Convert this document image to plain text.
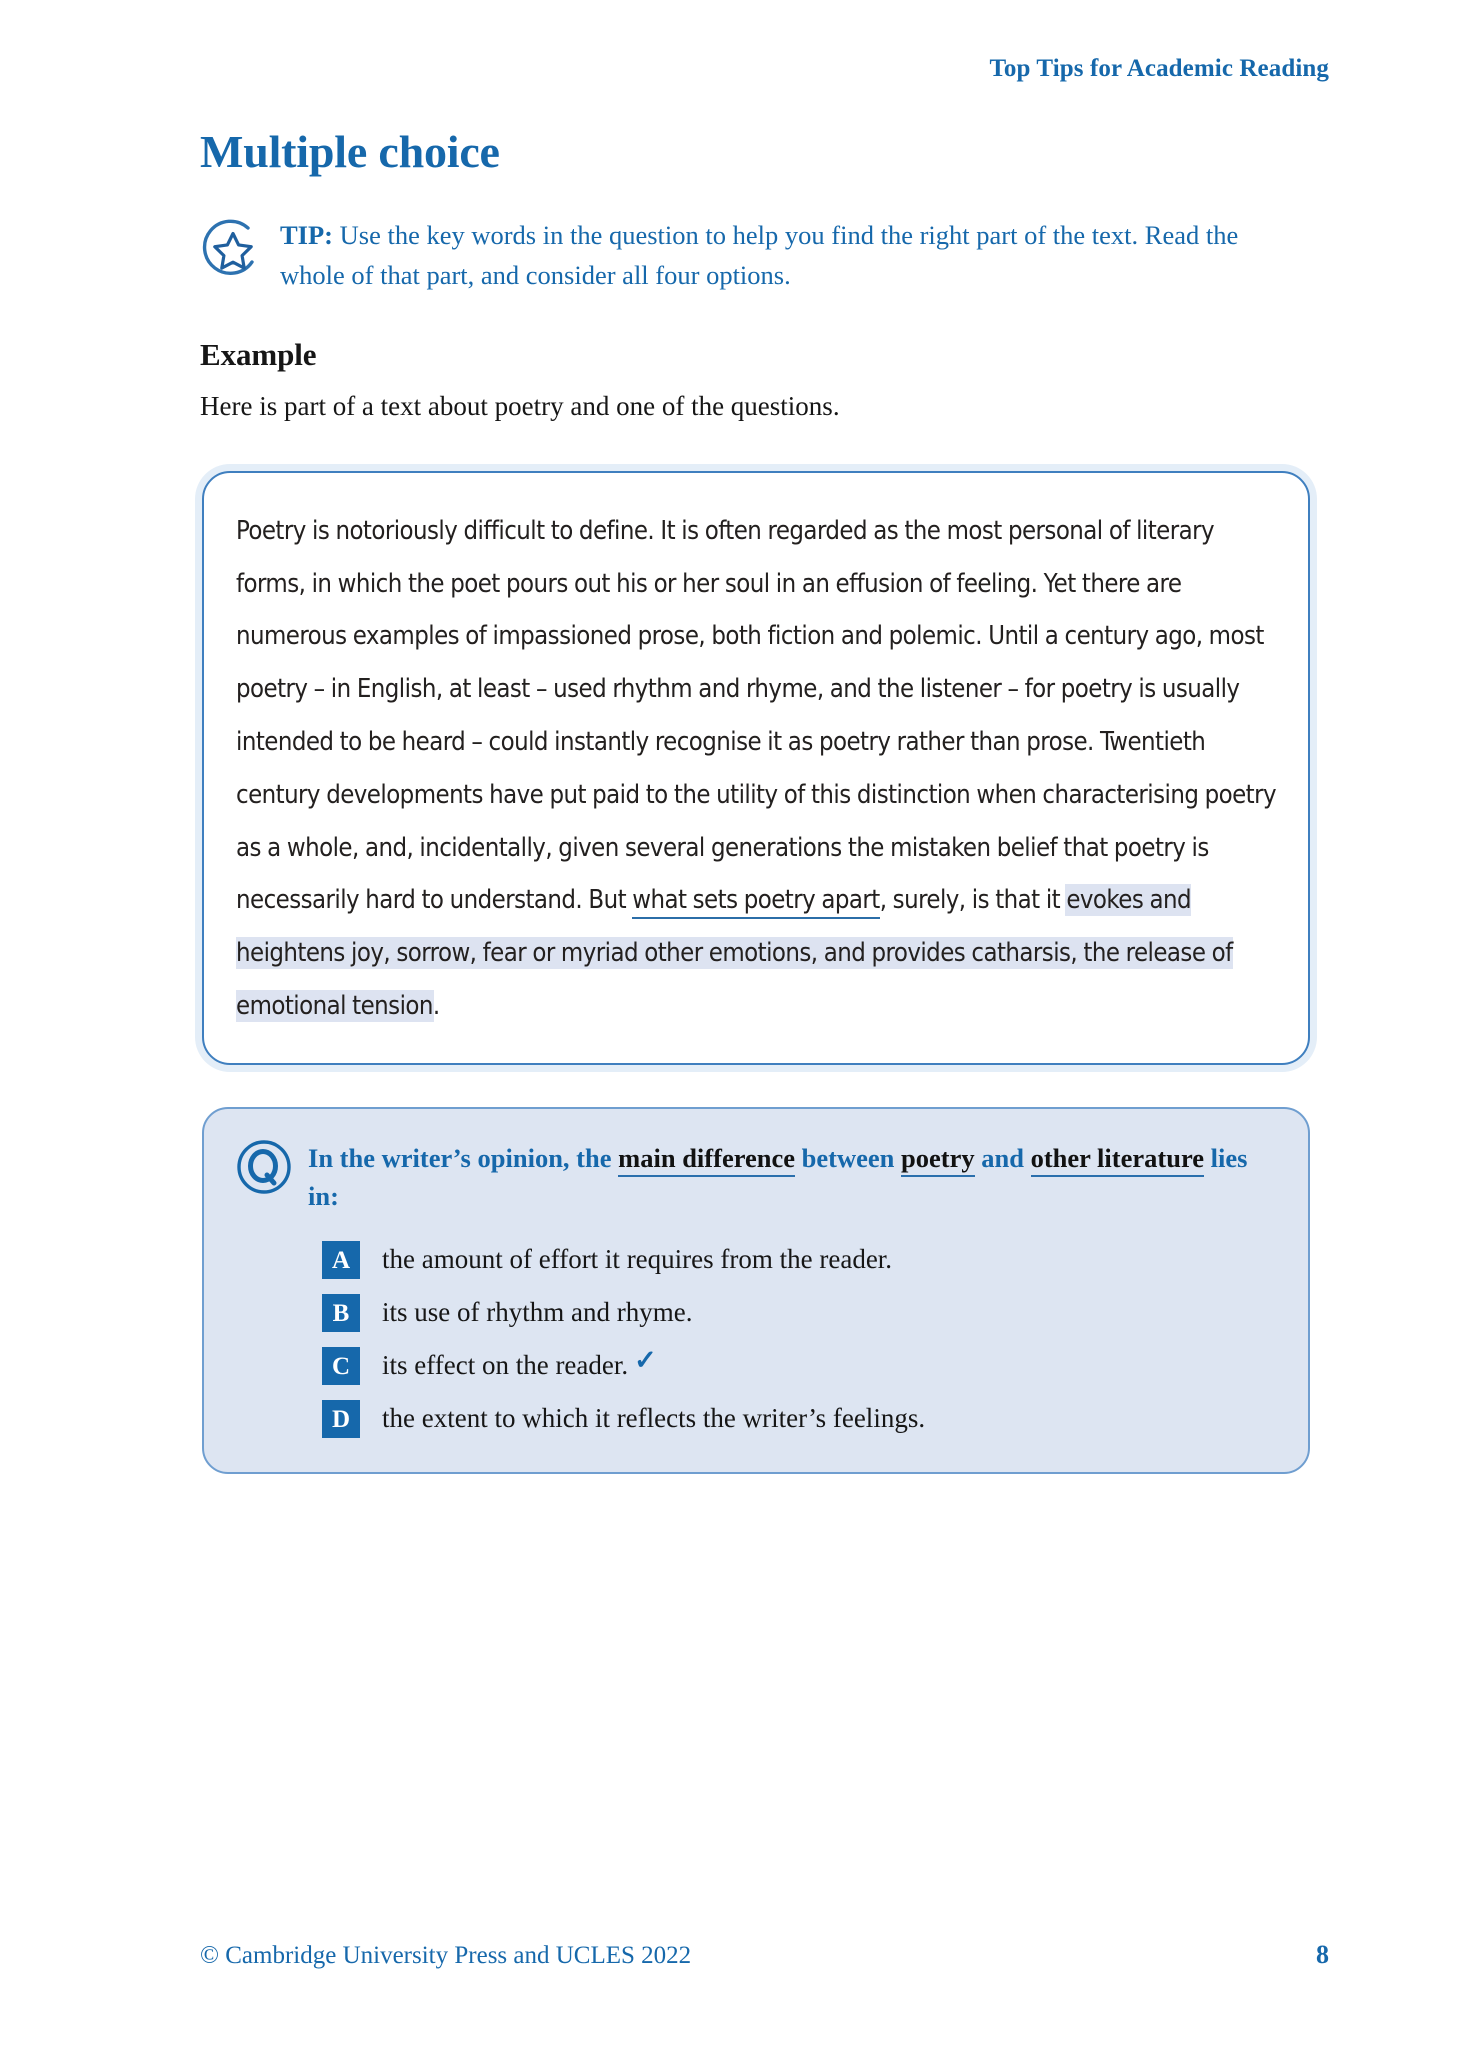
Top Tips for Academic Reading
Multiple choice
TIP: Use the key words in the question to help you find the right part of the text. Read the whole of that part, and consider all four options.
Example

Here is part of a text about poetry and one of the questions.

Poetry is notoriously difficult to define. It is often regarded as the most personal of literary forms, in which the poet pours out his or her soul in an effusion of feeling. Yet there are numerous examples of impassioned prose, both fiction and polemic. Until a century ago, most poetry – in English, at least – used rhythm and rhyme, and the listener – for poetry is usually intended to be heard – could instantly recognise it as poetry rather than prose. Twentieth century developments have put paid to the utility of this distinction when characterising poetry as a whole, and, incidentally, given several generations the mistaken belief that poetry is necessarily hard to understand. But what sets poetry apart, surely, is that it evokes and heightens joy, sorrow, fear or myriad other emotions, and provides catharsis, the release of emotional tension.
In the writer’s opinion, the main difference between poetry and other literature lies in:
A	the amount of effort it requires from the reader.
B	its use of rhythm and rhyme.
C	its effect on the reader. ✓
D	the extent to which it reflects the writer’s feelings.
© Cambridge University Press and UCLES 2022	8
